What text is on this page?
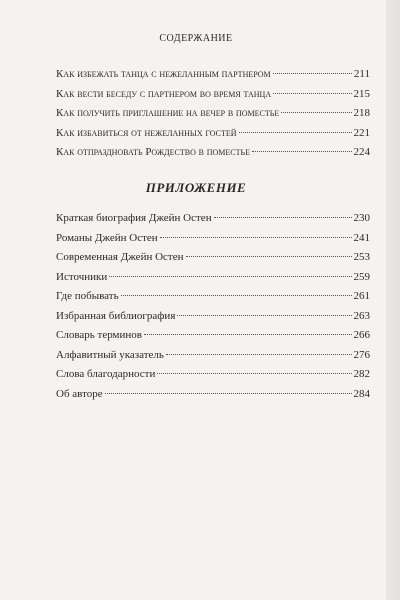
СОДЕРЖАНИЕ
Как избежать танца с нежеланным партнером	211
Как вести беседу с партнером во время танца	215
Как получить приглашение на вечер в поместье	218
Как избавиться от нежеланных гостей	221
Как отпраздновать Рождество в поместье	224
ПРИЛОЖЕНИЕ
Краткая биография Джейн Остен	230
Романы Джейн Остен	241
Современная Джейн Остен	253
Источники	259
Где побывать	261
Избранная библиография	263
Словарь терминов	266
Алфавитный указатель	276
Слова благодарности	282
Об авторе	284
